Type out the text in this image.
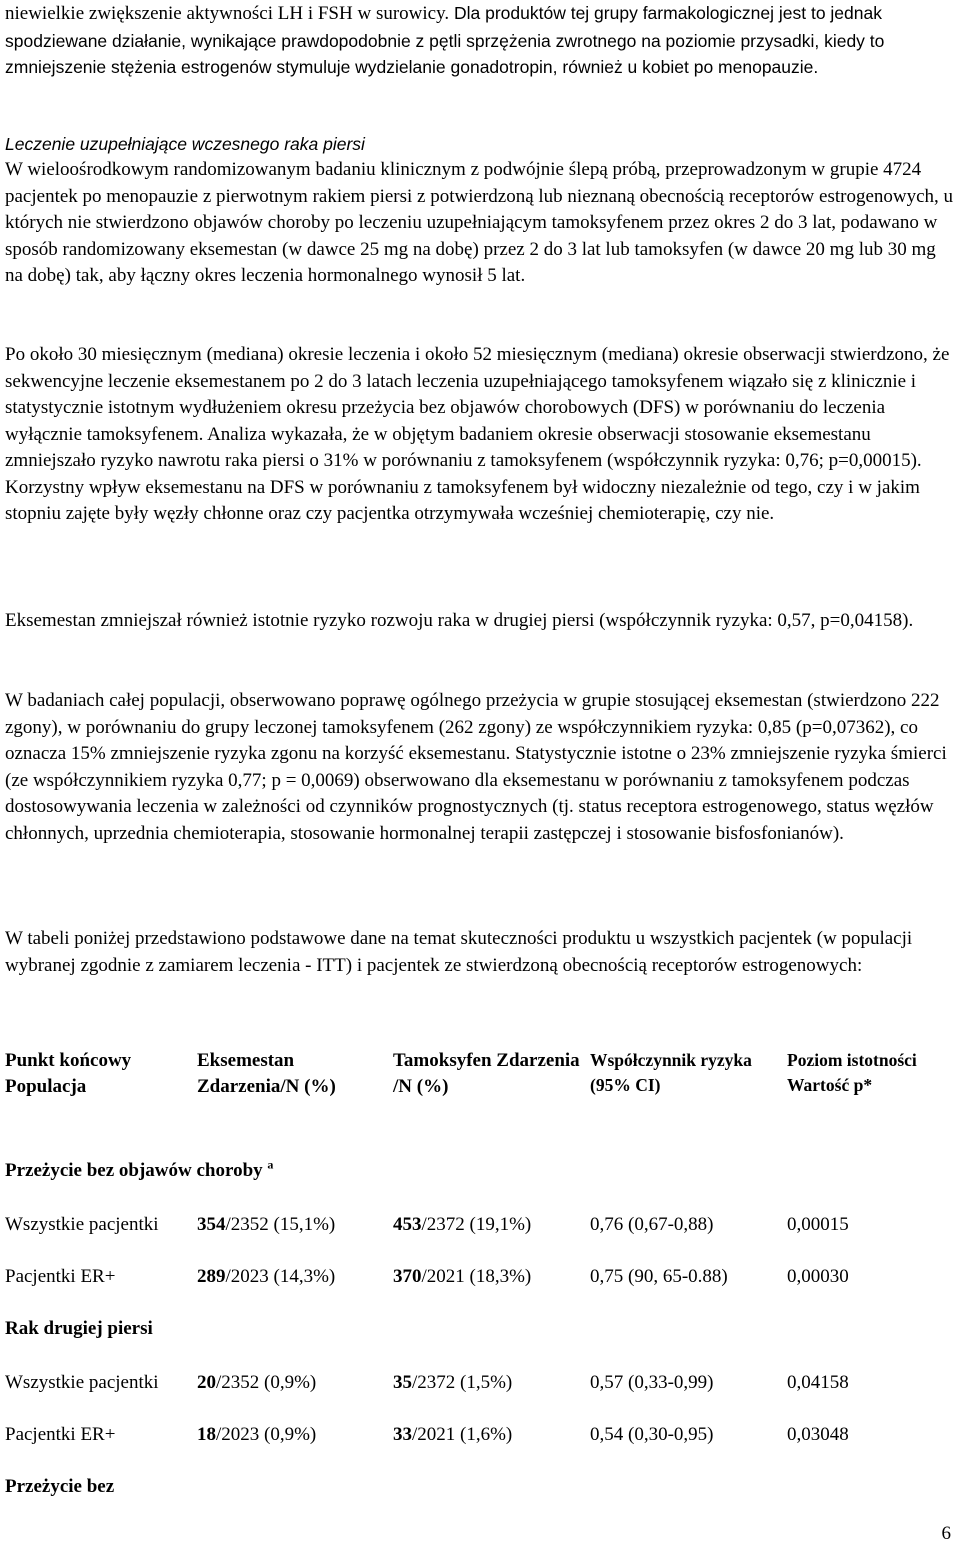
niewielkie zwiększenie aktywności LH i FSH w surowicy. Dla produktów tej grupy farmakologicznej jest to jednak spodziewane działanie, wynikające prawdopodobnie z pętli sprzężenia zwrotnego na poziomie przysadki, kiedy to zmniejszenie stężenia estrogenów stymuluje wydzielanie gonadotropin, również u kobiet po menopauzie.

Leczenie uzupełniające wczesnego raka piersi

W wieloośrodkowym randomizowanym badaniu klinicznym z podwójnie ślepą próbą, przeprowadzonym w grupie 4724 pacjentek po menopauzie z pierwotnym rakiem piersi z potwierdzoną lub nieznaną obecnością receptorów estrogenowych, u których nie stwierdzono objawów choroby po leczeniu uzupełniającym tamoksyfenem przez okres 2 do 3 lat, podawano w sposób randomizowany eksemestan (w dawce 25 mg na dobę) przez 2 do 3 lat lub tamoksyfen (w dawce 20 mg lub 30 mg na dobę) tak, aby łączny okres leczenia hormonalnego wynosił 5 lat.

Po około 30 miesięcznym (mediana) okresie leczenia i około 52 miesięcznym (mediana) okresie obserwacji stwierdzono, że sekwencyjne leczenie eksemestanem po 2 do 3 latach leczenia uzupełniającego tamoksyfenem wiązało się z klinicznie i statystycznie istotnym wydłużeniem okresu przeżycia bez objawów chorobowych (DFS) w porównaniu do leczenia wyłącznie tamoksyfenem. Analiza wykazała, że w objętym badaniem okresie obserwacji stosowanie eksemestanu zmniejszało ryzyko nawrotu raka piersi o 31% w porównaniu z tamoksyfenem (współczynnik ryzyka: 0,76; p=0,00015). Korzystny wpływ eksemestanu na DFS w porównaniu z tamoksyfenem był widoczny niezależnie od tego, czy i w jakim stopniu zajęte były węzły chłonne oraz czy pacjentka otrzymywała wcześniej chemioterapię, czy nie.

Eksemestan zmniejszał również istotnie ryzyko rozwoju raka w drugiej piersi (współczynnik ryzyka: 0,57, p=0,04158).

W badaniach całej populacji, obserwowano poprawę ogólnego przeżycia w grupie stosującej eksemestan (stwierdzono 222 zgony), w porównaniu do grupy leczonej tamoksyfenem (262 zgony) ze współczynnikiem ryzyka: 0,85 (p=0,07362), co oznacza 15% zmniejszenie ryzyka zgonu na korzyść eksemestanu. Statystycznie istotne o 23% zmniejszenie ryzyka śmierci (ze współczynnikiem ryzyka 0,77; p = 0,0069) obserwowano dla eksemestanu w porównaniu z tamoksyfenem podczas dostosowywania leczenia w zależności od czynników prognostycznych (tj. status receptora estrogenowego, status węzłów chłonnych, uprzednia chemioterapia, stosowanie hormonalnej terapii zastępczej i stosowanie bisfosfonianów).

W tabeli poniżej przedstawiono podstawowe dane na temat skuteczności produktu u wszystkich pacjentek (w populacji wybranej zgodnie z zamiarem leczenia - ITT) i pacjentek ze stwierdzoną obecnością receptorów estrogenowych:

Punkt końcowy Populacja	Eksemestan Zdarzenia/N (%)	Tamoksyfen Zdarzenia /N (%)	Współczynnik ryzyka (95% CI)	Poziom istotności Wartość p*
Przeżycie bez objawów choroby $^a$
Wszystkie pacjentki	354/2352 (15,1%)	453/2372 (19,1%)	0,76 (0,67-0,88)	0,00015
Pacjentki ER+	289/2023 (14,3%)	370/2021 (18,3%)	0,75 (90, 65-0.88)	0,00030
Rak drugiej piersi				
Wszystkie pacjentki	20/2352 (0,9%)	35/2372 (1,5%)	0,57 (0,33-0,99)	0,04158
Pacjentki ER+	18/2023 (0,9%)	33/2021 (1,6%)	0,54 (0,30-0,95)	0,03048
Przeżycie bez				
6
